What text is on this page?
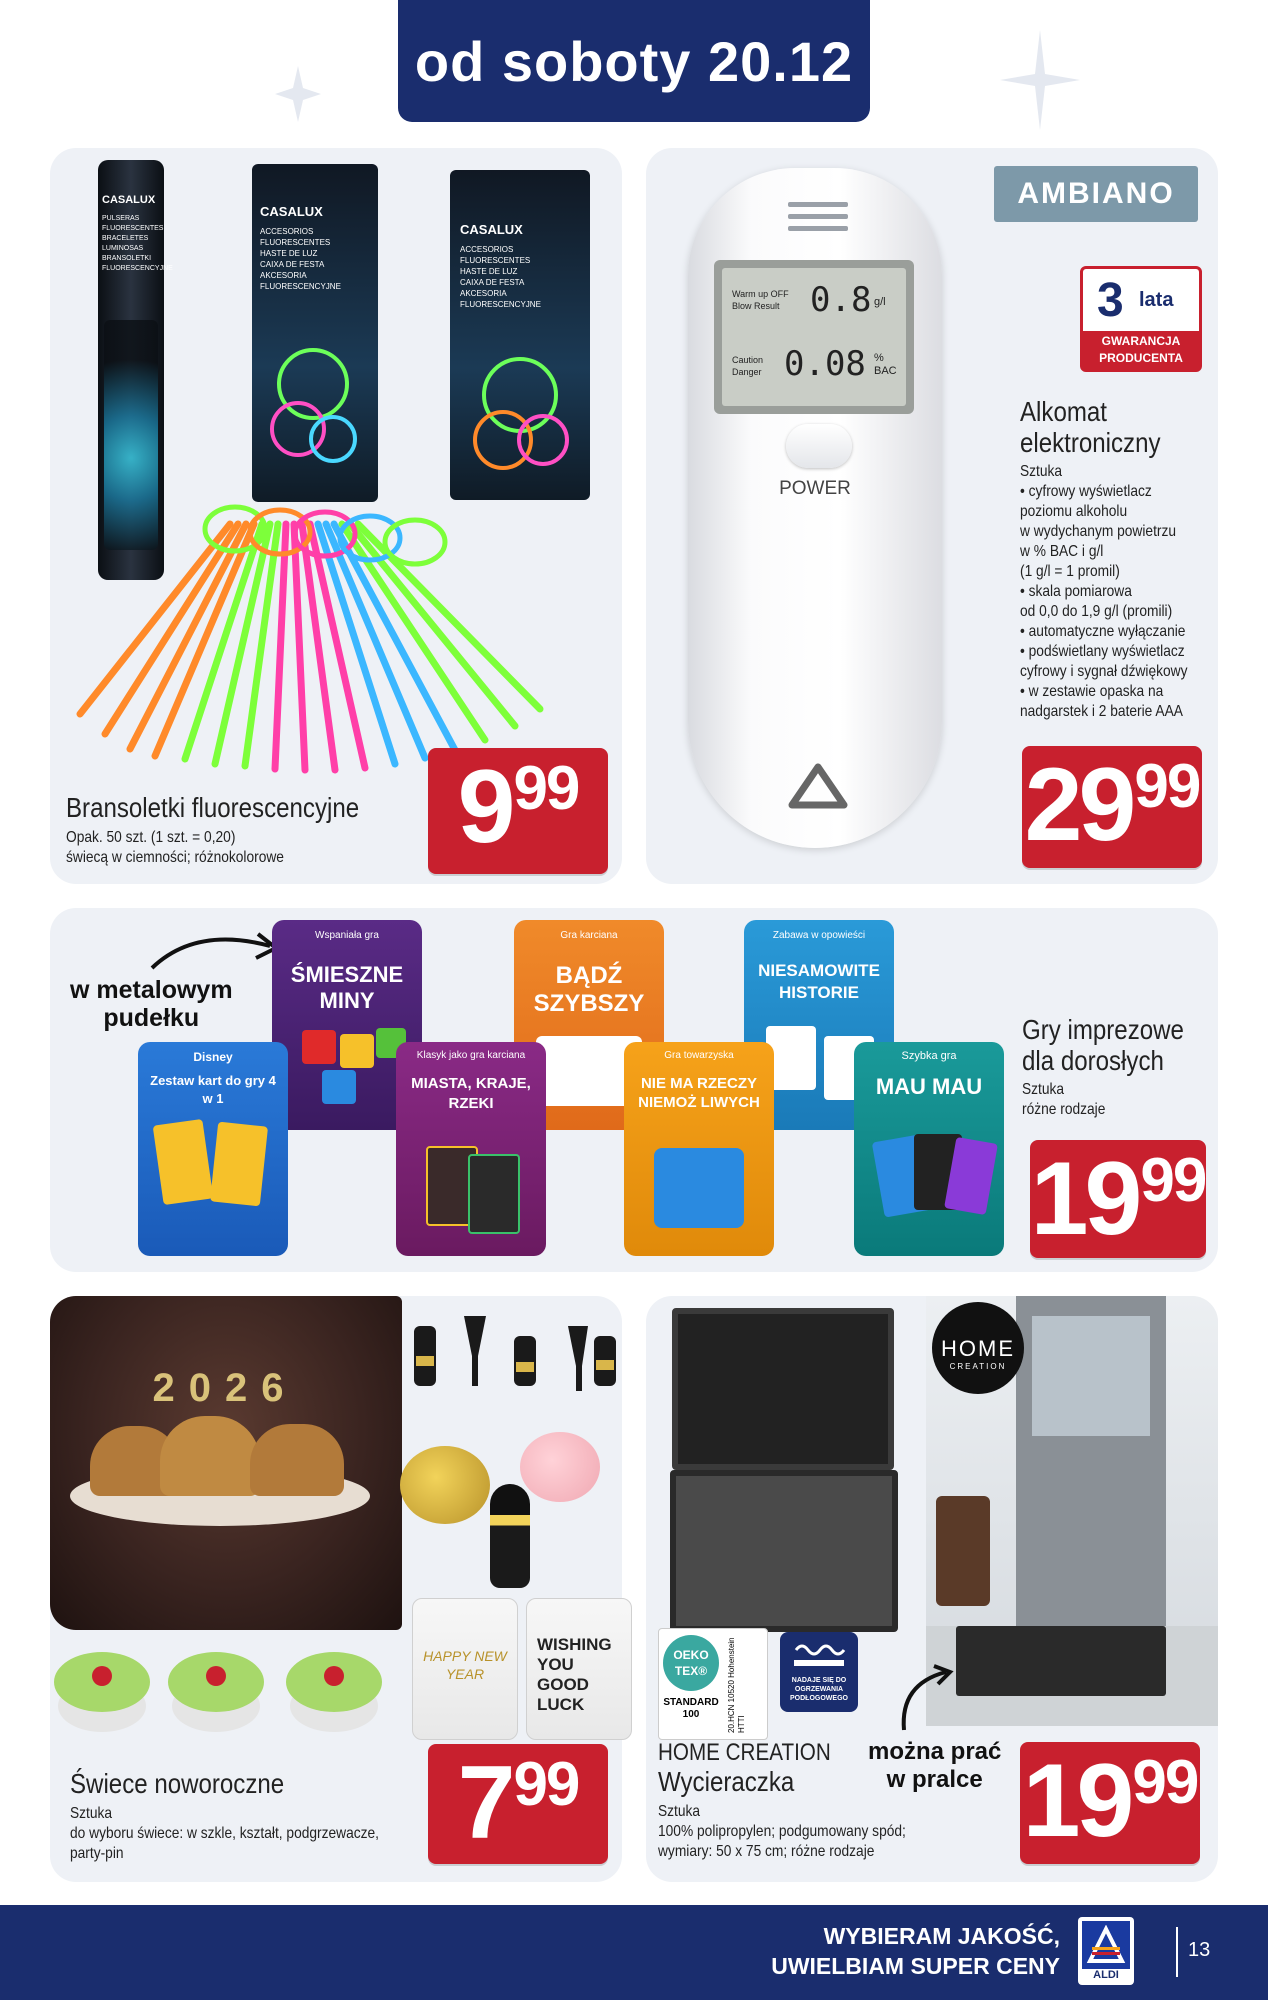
od soboty 20.12
CASALUX
PULSERAS
FLUORESCENTES
BRACELETES
LUMINOSAS
BRANSOLETKI
FLUORESCENCYJNE
CASALUX
ACCESORIOS
FLUORESCENTES
HASTE DE LUZ
CAIXA DE FESTA
AKCESORIA
FLUORESCENCYJNE
CASALUX
ACCESORIOS
FLUORESCENTES
HASTE DE LUZ
CAIXA DE FESTA
AKCESORIA
FLUORESCENCYJNE
Bransoletki fluorescencyjne
Opak. 50 szt. (1 szt. = 0,20)
świecą w ciemności; różnokolorowe 9 99
Warm up OFF
Blow Result 0.8 g/l
Caution
Danger 0.08 % BAC
POWER
AMBIANO
3 lata
GWARANCJA
PRODUCENTA
Alkomat
elektroniczny
Sztuka
• cyfrowy wyświetlacz
poziomu alkoholu
w wydychanym powietrzu
w % BAC i g/l
(1 g/l = 1 promil)
• skala pomiarowa
od 0,0 do 1,9 g/l (promili)
• automatyczne wyłączanie
• podświetlany wyświetlacz
cyfrowy i sygnał dźwiękowy
• w zestawie opaska na
nadgarstek i 2 baterie AAA
29 99
w metalowym
pudełku
Wspaniała gra
ŚMIESZNE MINY
Gra karciana
BĄDŹ SZYBSZY
Zabawa w opowieści
NIESAMOWITE HISTORIE
Disney
Zestaw kart do gry 4 w 1
Klasyk jako gra karciana
MIASTA, KRAJE, RZEKI
Gra towarzyska
NIE MA RZECZY NIEMOŻ LIWYCH
Szybka gra
MAU MAU
Gry imprezowe
dla dorosłych
Sztuka
różne rodzaje
19 99
2026
HAPPY NEW YEAR
WISHING YOU GOOD LUCK
Świece noworoczne
Sztuka
do wyboru świece: w szkle, kształt, podgrzewacze,
party-pin	7 99
HOME
CREATION
OEKO
TEX®
STANDARD 100	20.HCN 10520 Hohenstein HTTI
NADAJE SIĘ DO OGRZEWANIA PODŁOGOWEGO
można prać
w pralce
HOME CREATION
Wycieraczka
Sztuka
100% polipropylen; podgumowany spód;
wymiary: 50 x 75 cm; różne rodzaje	19 99
WYBIERAM JAKOŚĆ,
UWIELBIAM SUPER CENY	ALDI
13
